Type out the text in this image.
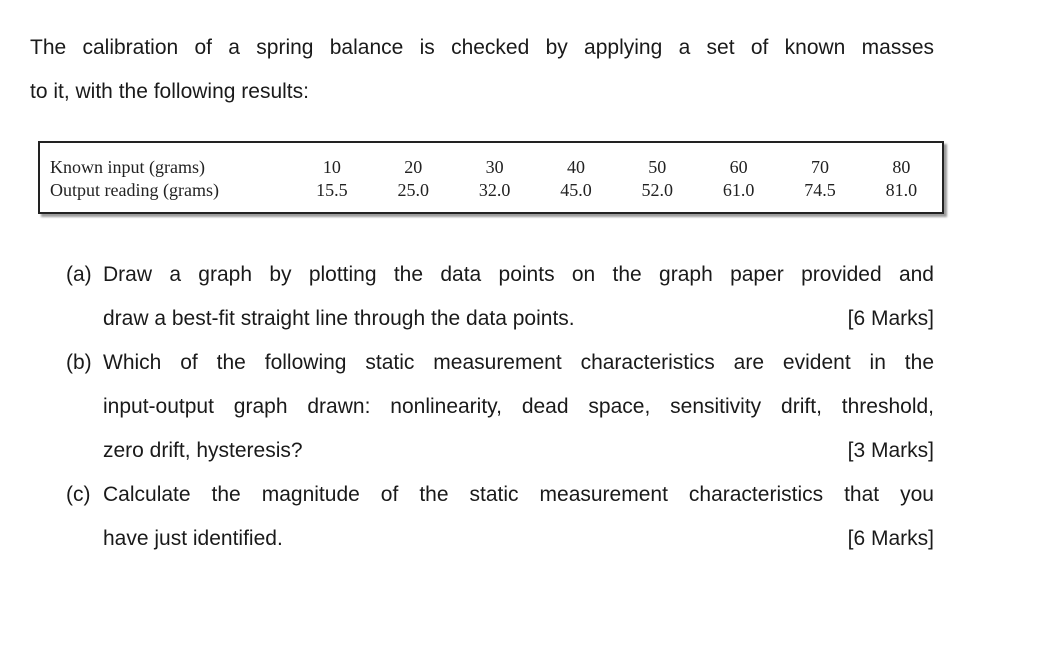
The calibration of a spring balance is checked by applying a set of known masses
to it, with the following results:
Known input (grams)	10	20	30	40	50	60	70	80
Output reading (grams)	15.5	25.0	32.0	45.0	52.0	61.0	74.5	81.0
(a) Draw a graph by plotting the data points on the graph paper provided and
draw a best-fit straight line through the data points.	[6 Marks]
(b) Which of the following static measurement characteristics are evident in the
input-output graph drawn: nonlinearity, dead space, sensitivity drift, threshold,
zero drift, hysteresis?	[3 Marks]
(c) Calculate the magnitude of the static measurement characteristics that you
have just identified.	[6 Marks]
